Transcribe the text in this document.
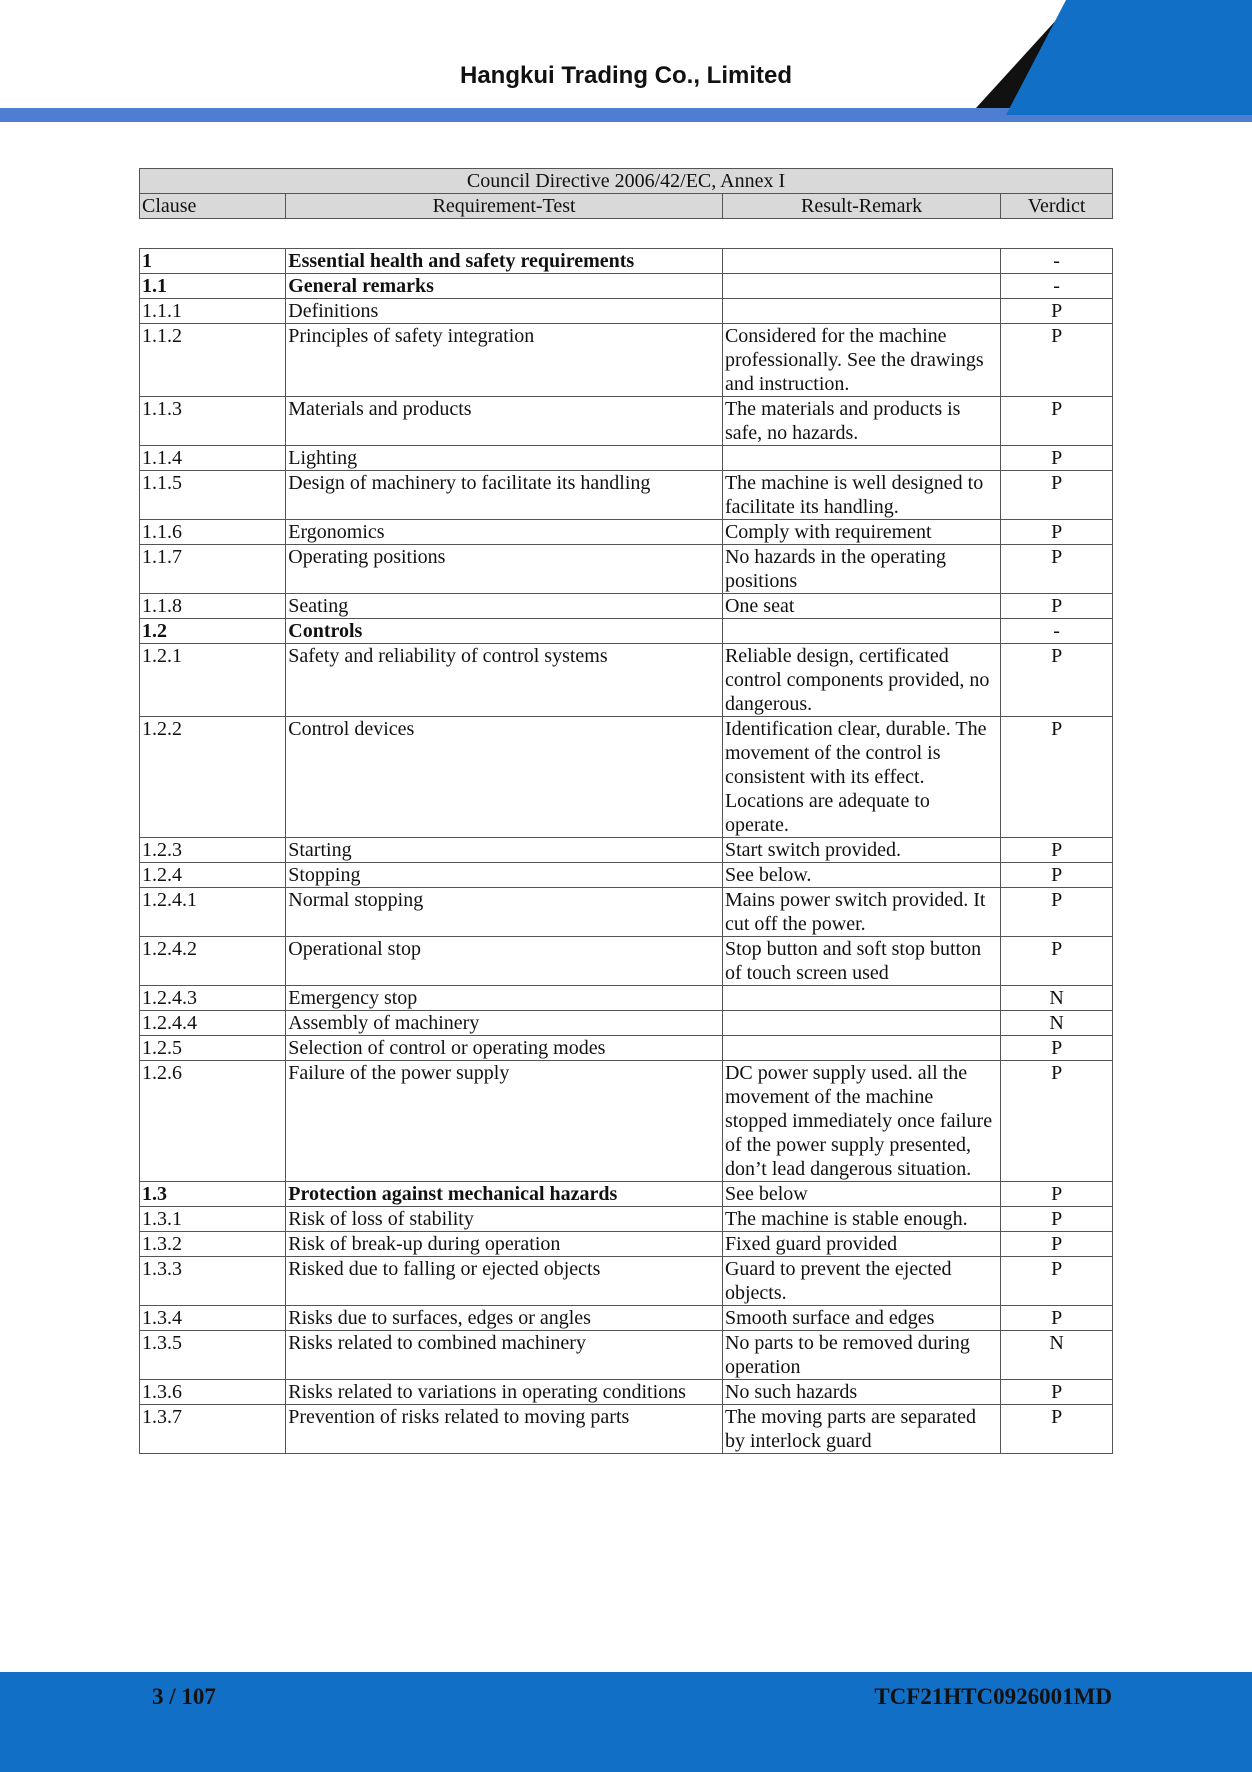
Hangkui Trading Co., Limited
Council Directive 2006/42/EC, Annex I
Clause	Requirement-Test	Result-Remark	Verdict
1	Essential health and safety requirements		-
1.1	General remarks		-
1.1.1	Definitions		P
1.1.2	Principles of safety integration	Considered for the machine professionally. See the drawings and instruction.	P
1.1.3	Materials and products	The materials and products is safe, no hazards.	P
1.1.4	Lighting		P
1.1.5	Design of machinery to facilitate its handling	The machine is well designed to facilitate its handling.	P
1.1.6	Ergonomics	Comply with requirement	P
1.1.7	Operating positions	No hazards in the operating positions	P
1.1.8	Seating	One seat	P
1.2	Controls		-
1.2.1	Safety and reliability of control systems	Reliable design, certificated control components provided, no dangerous.	P
1.2.2	Control devices	Identification clear, durable. The movement of the control is consistent with its effect. Locations are adequate to operate.	P
1.2.3	Starting	Start switch provided.	P
1.2.4	Stopping	See below.	P
1.2.4.1	Normal stopping	Mains power switch provided. It cut off the power.	P
1.2.4.2	Operational stop	Stop button and soft stop button of touch screen used	P
1.2.4.3	Emergency stop		N
1.2.4.4	Assembly of machinery		N
1.2.5	Selection of control or operating modes		P
1.2.6	Failure of the power supply	DC power supply used. all the movement of the machine stopped immediately once failure of the power supply presented, don’t lead dangerous situation.	P
1.3	Protection against mechanical hazards	See below	P
1.3.1	Risk of loss of stability	The machine is stable enough.	P
1.3.2	Risk of break-up during operation	Fixed guard provided	P
1.3.3	Risked due to falling or ejected objects	Guard to prevent the ejected objects.	P
1.3.4	Risks due to surfaces, edges or angles	Smooth surface and edges	P
1.3.5	Risks related to combined machinery	No parts to be removed during operation	N
1.3.6	Risks related to variations in operating conditions	No such hazards	P
1.3.7	Prevention of risks related to moving parts	The moving parts are separated by interlock guard	P
3 / 107	TCF21HTC0926001MD
